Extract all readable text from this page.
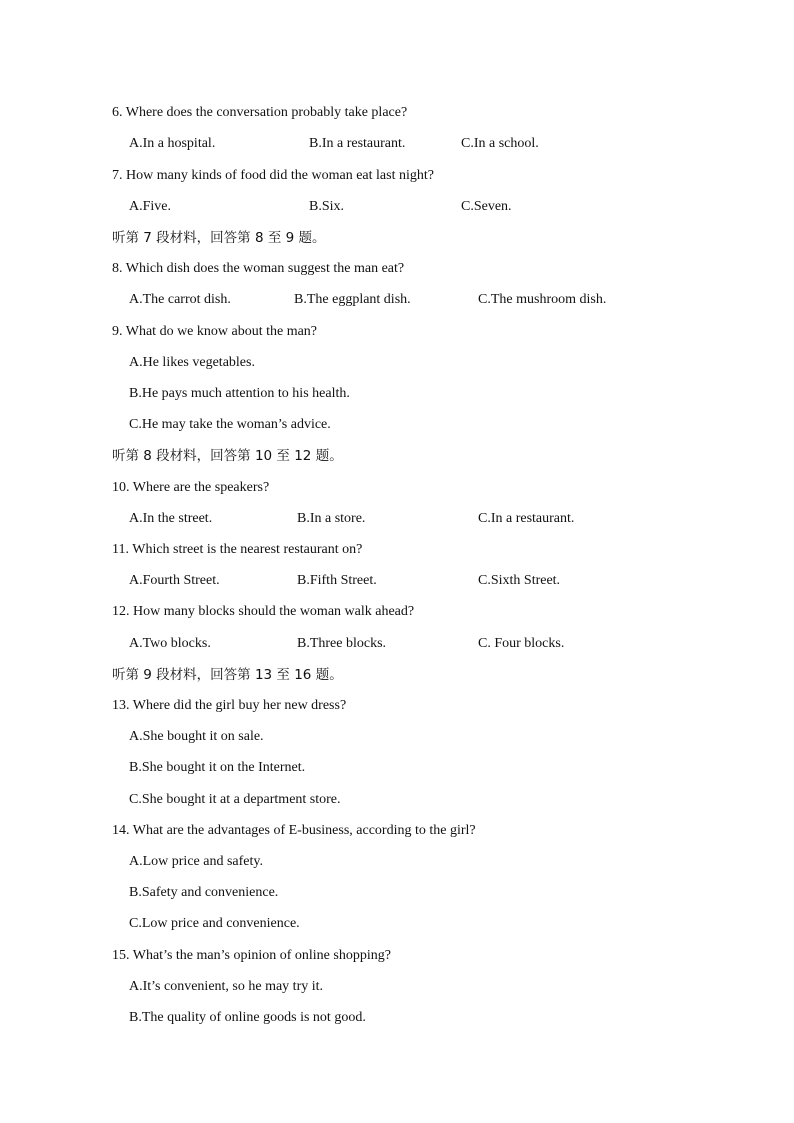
6. Where does the conversation probably take place?
A.In a hospital.	B.In a restaurant.	C.In a school.
7. How many kinds of food did the woman eat last night?
A.Five.	B.Six.	C.Seven.
听第 7 段材料，回答第 8 至 9 题。
8. Which dish does the woman suggest the man eat?
A.The carrot dish.	B.The eggplant dish.	C.The mushroom dish.
9. What do we know about the man?
A.He likes vegetables.
B.He pays much attention to his health.
C.He may take the woman’s advice.
听第 8 段材料，回答第 10 至 12 题。
10. Where are the speakers?
A.In the street.	B.In a store.	C.In a restaurant.
11. Which street is the nearest restaurant on?
A.Fourth Street.	B.Fifth Street.	C.Sixth Street.
12. How many blocks should the woman walk ahead?
A.Two blocks.	B.Three blocks.	C. Four blocks.
听第 9 段材料，回答第 13 至 16 题。
13. Where did the girl buy her new dress?
A.She bought it on sale.
B.She bought it on the Internet.
C.She bought it at a department store.
14. What are the advantages of E-business, according to the girl?
A.Low price and safety.
B.Safety and convenience.
C.Low price and convenience.
15. What’s the man’s opinion of online shopping?
A.It’s convenient, so he may try it.
B.The quality of online goods is not good.
